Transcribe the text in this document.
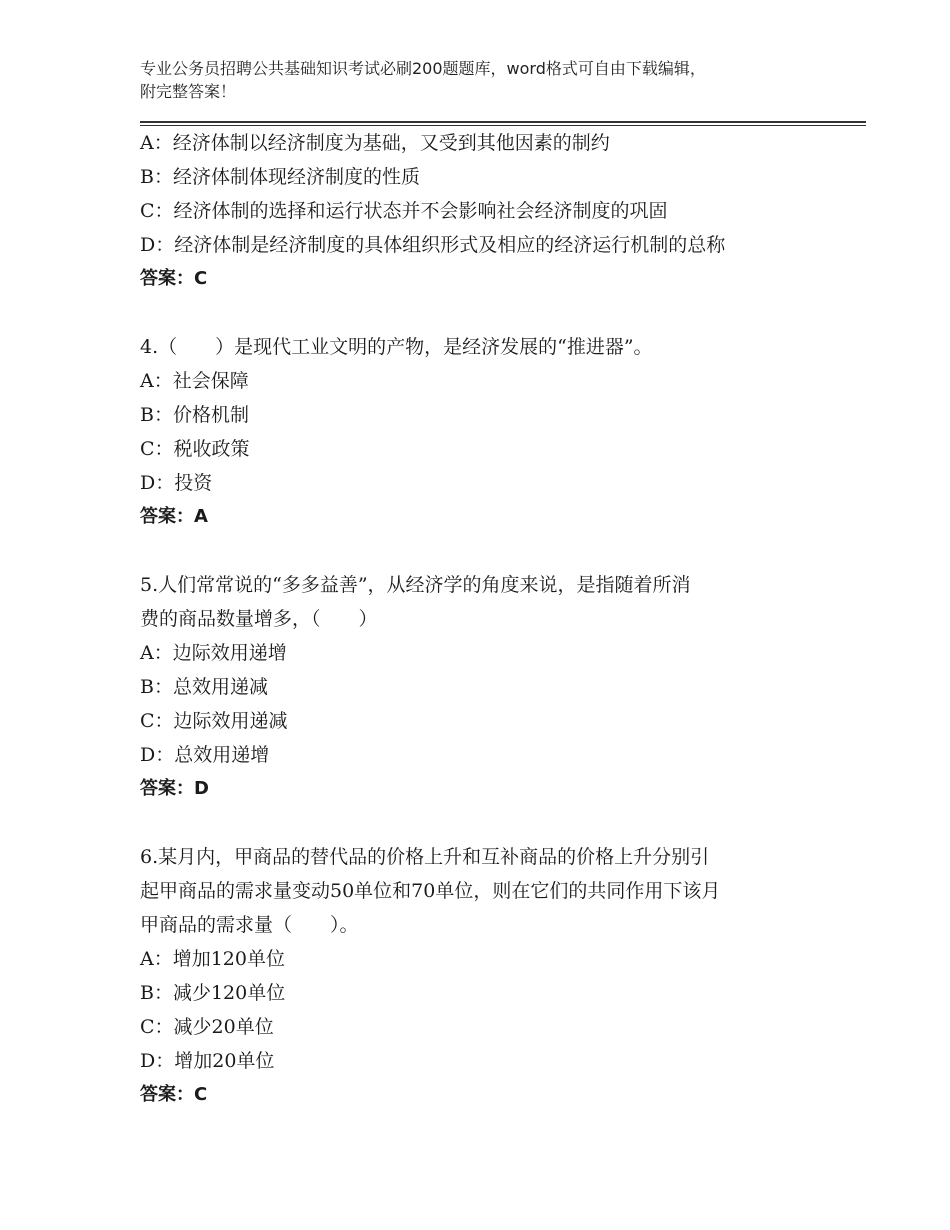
专业公务员招聘公共基础知识考试必刷200题题库，word格式可自由下载编辑，
附完整答案！
A：经济体制以经济制度为基础，又受到其他因素的制约
B：经济体制体现经济制度的性质
C：经济体制的选择和运行状态并不会影响社会经济制度的巩固
D：经济体制是经济制度的具体组织形式及相应的经济运行机制的总称
答案：C
4.（　　）是现代工业文明的产物，是经济发展的“推进器”。
A：社会保障
B：价格机制
C：税收政策
D：投资
答案：A
5.人们常常说的“多多益善”，从经济学的角度来说，是指随着所消
费的商品数量增多，（　　）
A：边际效用递增
B：总效用递减
C：边际效用递减
D：总效用递增
答案：D
6.某月内，甲商品的替代品的价格上升和互补商品的价格上升分别引
起甲商品的需求量变动50单位和70单位，则在它们的共同作用下该月
甲商品的需求量（　　）。
A：增加120单位
B：减少120单位
C：减少20单位
D：增加20单位
答案：C
